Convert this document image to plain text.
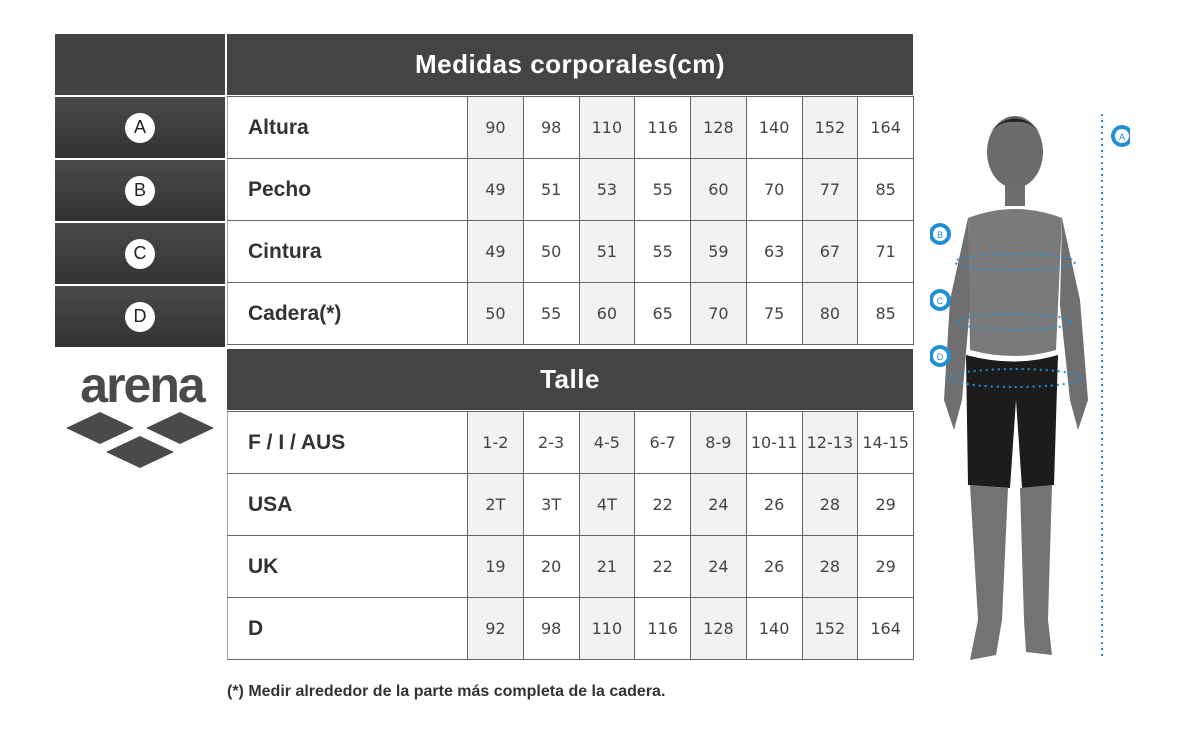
Medidas corporales(cm)
A
B
C
D
Altura	90	98	110	116	128	140	152	164
Pecho	49	51	53	55	60	70	77	85
Cintura	49	50	51	55	59	63	67	71
Cadera(*)	50	55	60	65	70	75	80	85
Talle
F / I / AUS	1-2	2-3	4-5	6-7	8-9	10-11	12-13	14-15
USA	2T	3T	4T	22	24	26	28	29
UK	19	20	21	22	24	26	28	29
D	92	98	110	116	128	140	152	164
arena
A
B
C
D
(*) Medir alrededor de la parte más completa de la cadera.
